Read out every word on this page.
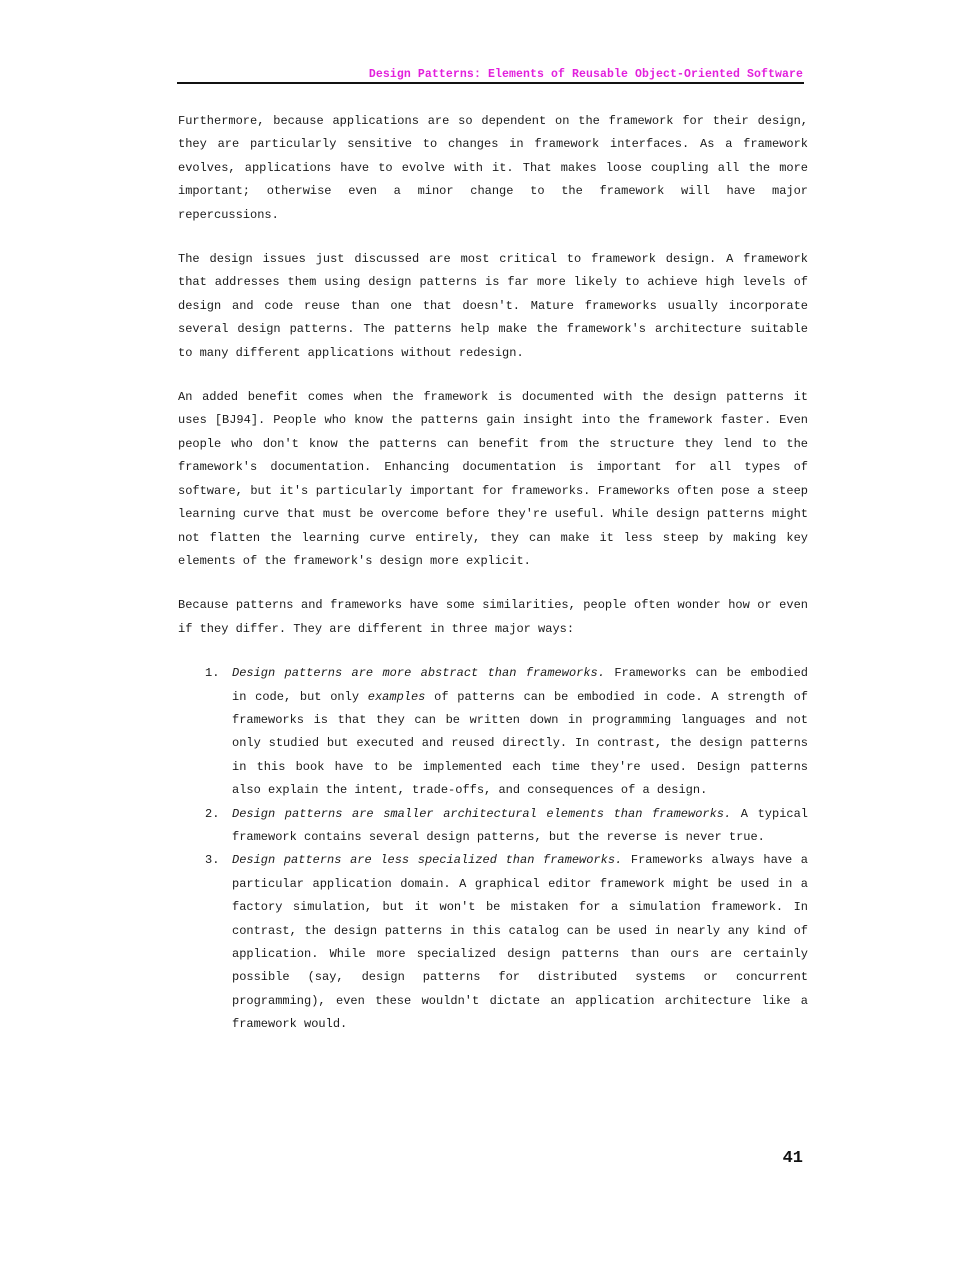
Design Patterns: Elements of Reusable Object-Oriented Software

Furthermore, because applications are so dependent on the framework for their design, they are particularly sensitive to changes in framework interfaces. As a framework evolves, applications have to evolve with it. That makes loose coupling all the more important; otherwise even a minor change to the framework will have major repercussions.

The design issues just discussed are most critical to framework design. A framework that addresses them using design patterns is far more likely to achieve high levels of design and code reuse than one that doesn't. Mature frameworks usually incorporate several design patterns. The patterns help make the framework's architecture suitable to many different applications without redesign.

An added benefit comes when the framework is documented with the design patterns it uses [BJ94]. People who know the patterns gain insight into the framework faster. Even people who don't know the patterns can benefit from the structure they lend to the framework's documentation. Enhancing documentation is important for all types of software, but it's particularly important for frameworks. Frameworks often pose a steep learning curve that must be overcome before they're useful. While design patterns might not flatten the learning curve entirely, they can make it less steep by making key elements of the framework's design more explicit.

Because patterns and frameworks have some similarities, people often wonder how or even if they differ. They are different in three major ways:

1. Design patterns are more abstract than frameworks. Frameworks can be embodied in code, but only examples of patterns can be embodied in code. A strength of frameworks is that they can be written down in programming languages and not only studied but executed and reused directly. In contrast, the design patterns in this book have to be implemented each time they're used. Design patterns also explain the intent, trade-offs, and consequences of a design.
2. Design patterns are smaller architectural elements than frameworks. A typical framework contains several design patterns, but the reverse is never true.
3. Design patterns are less specialized than frameworks. Frameworks always have a particular application domain. A graphical editor framework might be used in a factory simulation, but it won't be mistaken for a simulation framework. In contrast, the design patterns in this catalog can be used in nearly any kind of application. While more specialized design patterns than ours are certainly possible (say, design patterns for distributed systems or concurrent programming), even these wouldn't dictate an application architecture like a framework would.
41
